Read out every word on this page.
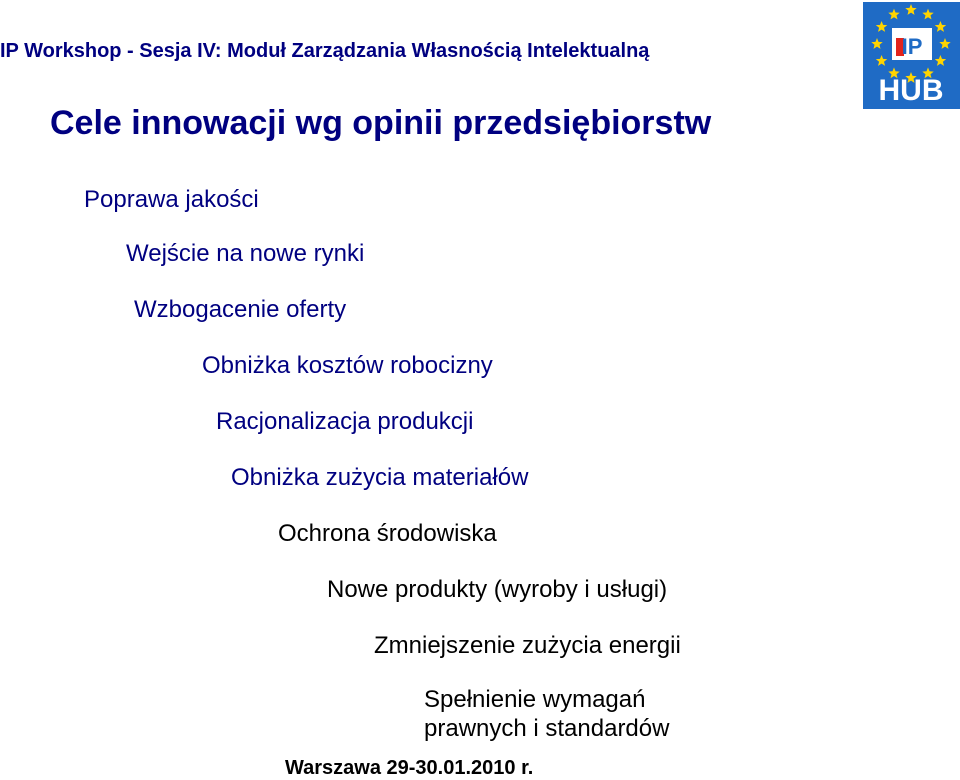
IP Workshop - Sesja IV: Moduł Zarządzania Własnością Intelektualną	IP
HUB
Cele innowacji wg opinii przedsiębiorstw
Poprawa jakości
Wejście na nowe rynki
Wzbogacenie oferty
Obniżka kosztów robocizny
Racjonalizacja produkcji
Obniżka zużycia materiałów
Ochrona środowiska
Nowe produkty (wyroby i usługi)
Zmniejszenie zużycia energii
Spełnienie wymagań
prawnych i standardów
Warszawa 29-30.01.2010 r.
